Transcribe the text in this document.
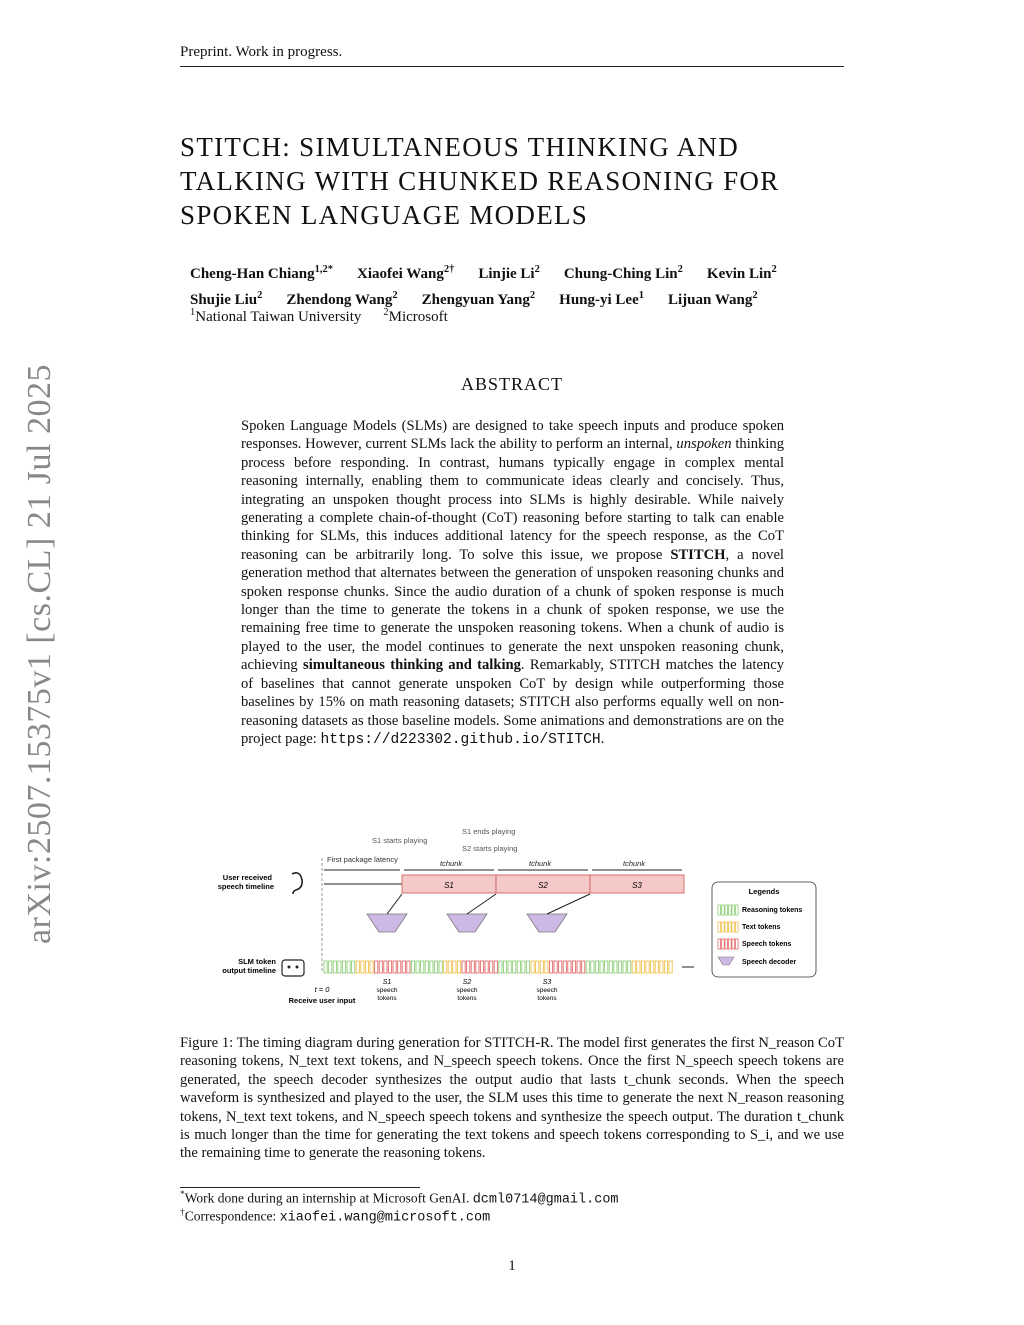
Preprint. Work in progress.
arXiv:2507.15375v1 [cs.CL] 21 Jul 2025
STITCH: SIMULTANEOUS THINKING AND TALKING WITH CHUNKED REASONING FOR SPOKEN LANGUAGE MODELS
Cheng-Han Chiang$^{1,2*}$ Xiaofei Wang$^{2\dagger}$ Linjie Li$^2$ Chung-Ching Lin$^2$ Kevin Lin$^2$
Shujie Liu$^2$ Zhendong Wang$^2$ Zhengyuan Yang$^2$ Hung-yi Lee$^1$ Lijuan Wang$^2$
$^1$National Taiwan University $^2$Microsoft
ABSTRACT
Spoken Language Models (SLMs) are designed to take speech inputs and produce spoken responses. However, current SLMs lack the ability to perform an internal, unspoken thinking process before responding. In contrast, humans typically engage in complex mental reasoning internally, enabling them to communicate ideas clearly and concisely. Thus, integrating an unspoken thought process into SLMs is highly desirable. While naively generating a complete chain-of-thought (CoT) reasoning before starting to talk can enable thinking for SLMs, this induces additional latency for the speech response, as the CoT reasoning can be arbitrarily long. To solve this issue, we propose STITCH, a novel generation method that alternates between the generation of unspoken reasoning chunks and spoken response chunks. Since the audio duration of a chunk of spoken response is much longer than the time to generate the tokens in a chunk of spoken response, we use the remaining free time to generate the unspoken reasoning tokens. When a chunk of audio is played to the user, the model continues to generate the next unspoken reasoning chunk, achieving simultaneous thinking and talking. Remarkably, STITCH matches the latency of baselines that cannot generate unspoken CoT by design while outperforming those baselines by 15% on math reasoning datasets; STITCH also performs equally well on non-reasoning datasets as those baseline models. Some animations and demonstrations are on the project page: https://d223302.github.io/STITCH.
S1 starts playing
S1 ends playing
S2 starts playing
First package latency	tchunk	tchunk	tchunk
User received
speech timeline	S1	S2	S3
SLM token
output timeline
t = 0
Receive user input
S1
speech
tokens
S2
speech
tokens
S3
speech
tokens
Legends
Reasoning tokens
Text tokens
Speech tokens
Speech decoder
Figure 1: The timing diagram during generation for STITCH-R. The model first generates the first N_reason CoT reasoning tokens, N_text text tokens, and N_speech speech tokens. Once the first N_speech speech tokens are generated, the speech decoder synthesizes the output audio that lasts t_chunk seconds. When the speech waveform is synthesized and played to the user, the SLM uses this time to generate the next N_reason reasoning tokens, N_text text tokens, and N_speech speech tokens and synthesize the speech output. The duration t_chunk is much longer than the time for generating the text tokens and speech tokens corresponding to S_i, and we use the remaining time to generate the reasoning tokens.
*Work done during an internship at Microsoft GenAI. dcml0714@gmail.com
†Correspondence: xiaofei.wang@microsoft.com
1
